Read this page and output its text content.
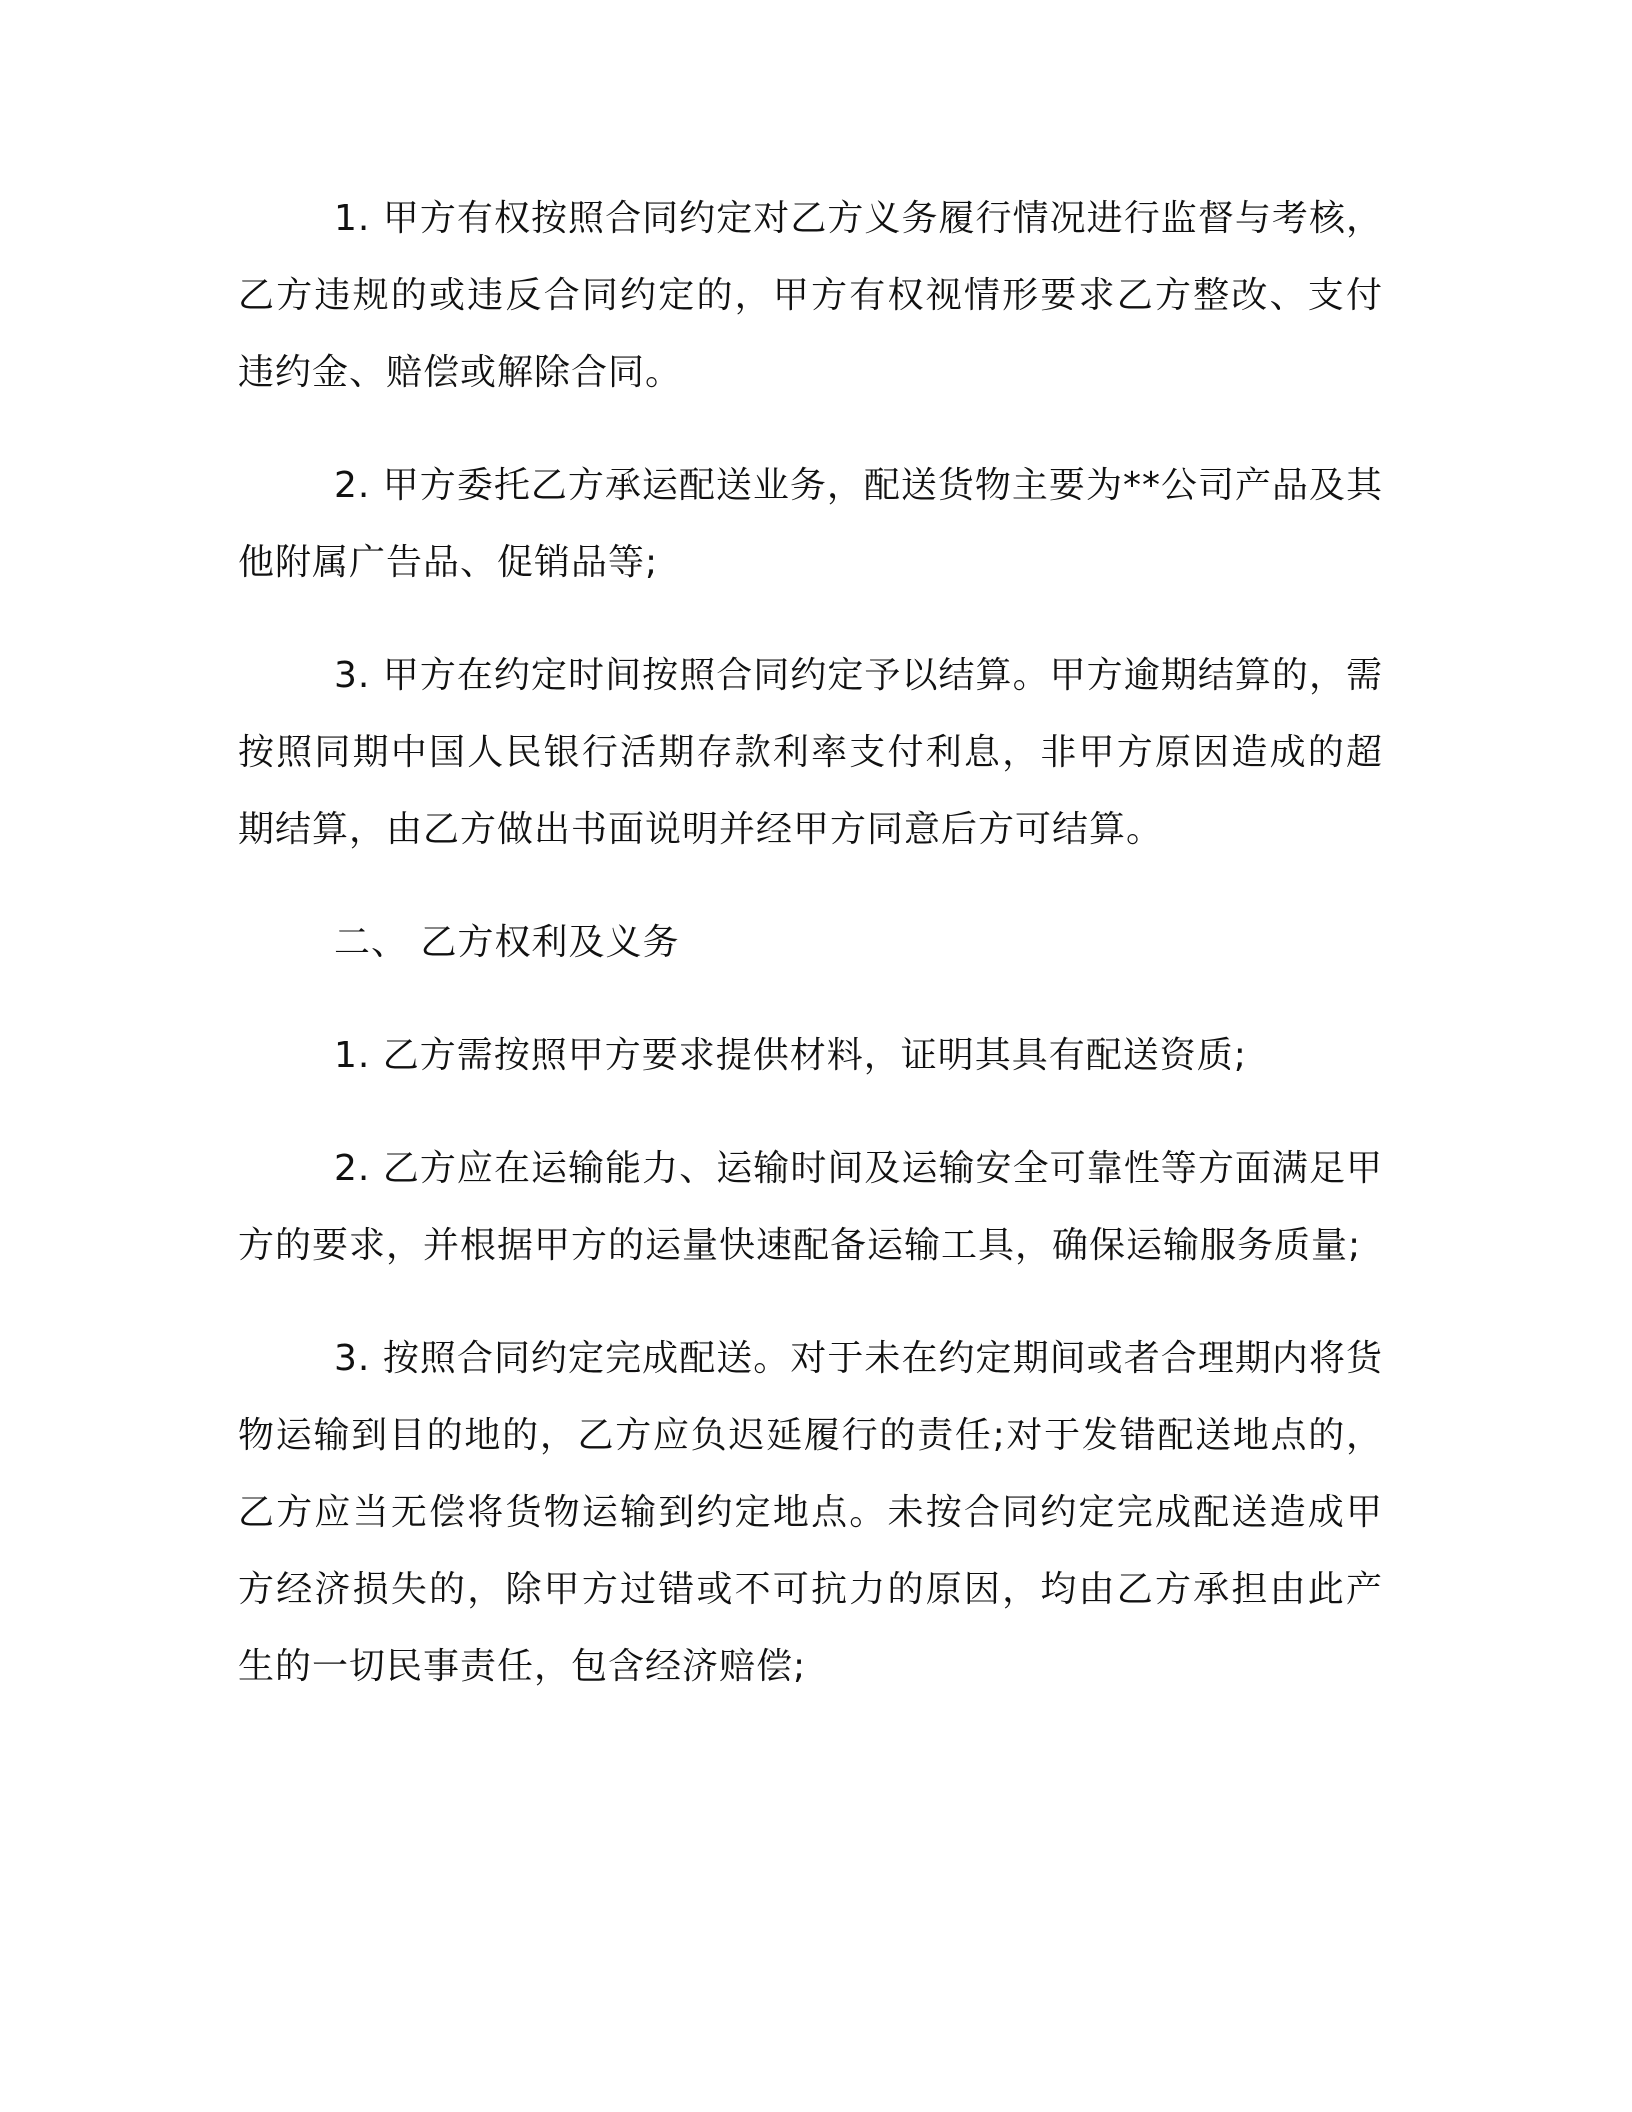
1. 甲方有权按照合同约定对乙方义务履行情况进行监督与考核，乙方违规的或违反合同约定的，甲方有权视情形要求乙方整改、支付违约金、赔偿或解除合同。

2. 甲方委托乙方承运配送业务，配送货物主要为**公司产品及其他附属广告品、促销品等;

3. 甲方在约定时间按照合同约定予以结算。甲方逾期结算的，需按照同期中国人民银行活期存款利率支付利息，非甲方原因造成的超期结算，由乙方做出书面说明并经甲方同意后方可结算。

二、 乙方权利及义务

1. 乙方需按照甲方要求提供材料，证明其具有配送资质;

2. 乙方应在运输能力、运输时间及运输安全可靠性等方面满足甲方的要求，并根据甲方的运量快速配备运输工具，确保运输服务质量;

3. 按照合同约定完成配送。对于未在约定期间或者合理期内将货物运输到目的地的，乙方应负迟延履行的责任;对于发错配送地点的，乙方应当无偿将货物运输到约定地点。未按合同约定完成配送造成甲方经济损失的，除甲方过错或不可抗力的原因，均由乙方承担由此产生的一切民事责任，包含经济赔偿;
